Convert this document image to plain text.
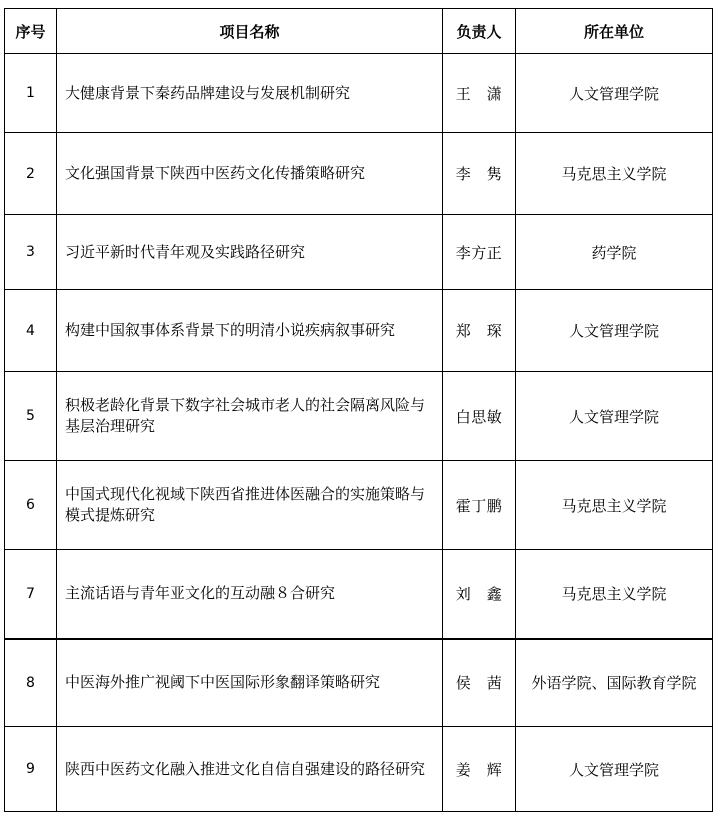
序号	项目名称	负责人	所在单位
1	大健康背景下秦药品牌建设与发展机制研究	王　潇	人文管理学院
2	文化强国背景下陕西中医药文化传播策略研究	李　隽	马克思主义学院
3	习近平新时代青年观及实践路径研究	李方正	药学院
4	构建中国叙事体系背景下的明清小说疾病叙事研究	郑　琛	人文管理学院
5	积极老龄化背景下数字社会城市老人的社会隔离风险与基层治理研究	白思敏	人文管理学院
6	中国式现代化视域下陕西省推进体医融合的实施策略与模式提炼研究	霍丁鹏	马克思主义学院
7	主流话语与青年亚文化的互动融８合研究	刘　鑫	马克思主义学院
8	中医海外推广视阈下中医国际形象翻译策略研究	侯　茜	外语学院、国际教育学院
9	陕西中医药文化融入推进文化自信自强建设的路径研究	姜　辉	人文管理学院
